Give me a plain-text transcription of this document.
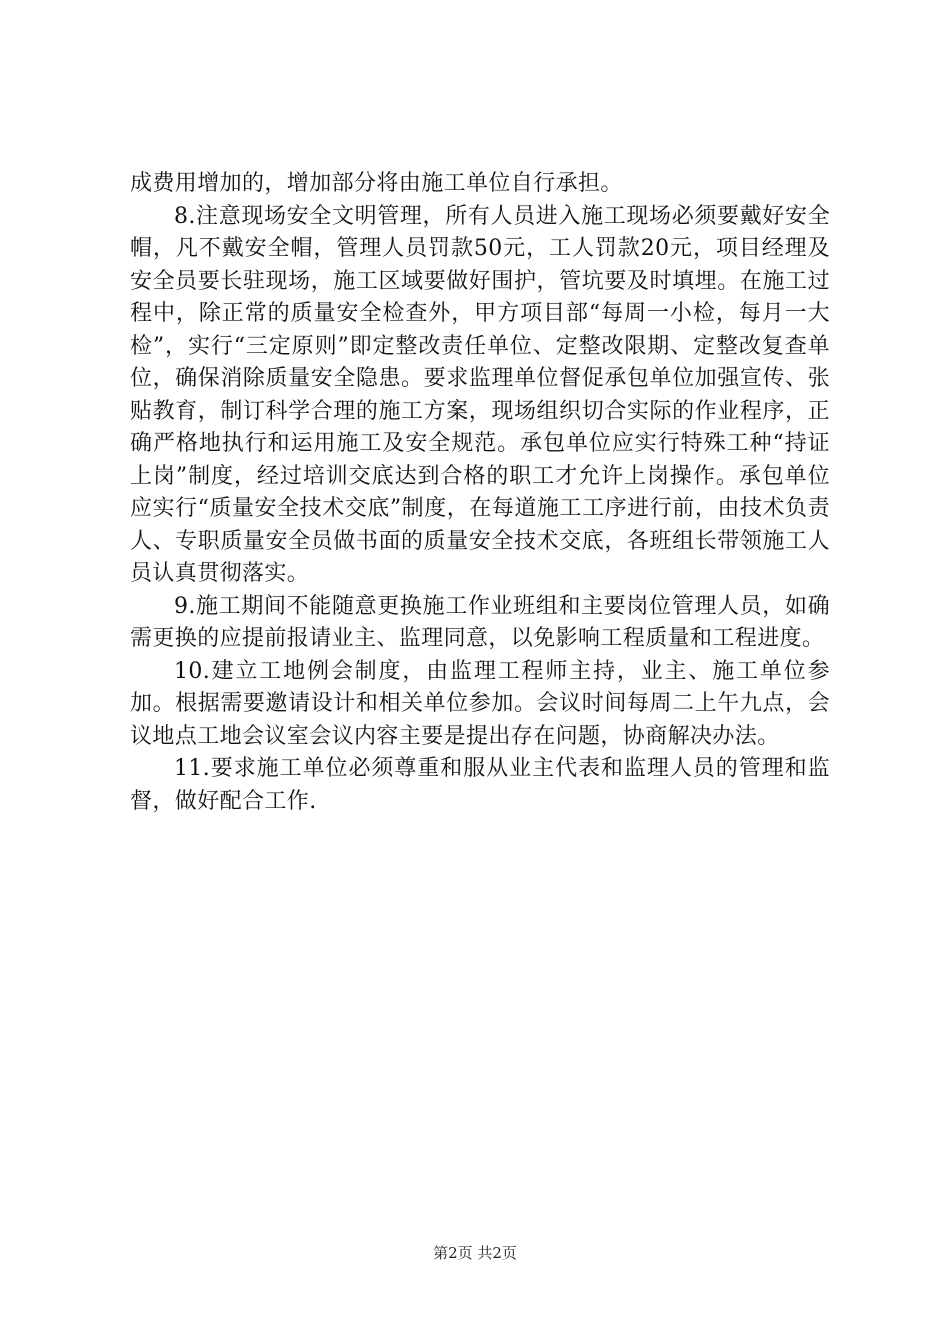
成费用增加的，增加部分将由施工单位自行承担。

8.注意现场安全文明管理，所有人员进入施工现场必须要戴好安全帽，凡不戴安全帽，管理人员罚款50元，工人罚款20元，项目经理及安全员要长驻现场，施工区域要做好围护，管坑要及时填埋。在施工过程中，除正常的质量安全检查外，甲方项目部“每周一小检，每月一大检”，实行“三定原则”即定整改责任单位、定整改限期、定整改复查单位，确保消除质量安全隐患。要求监理单位督促承包单位加强宣传、张贴教育，制订科学合理的施工方案，现场组织切合实际的作业程序，正确严格地执行和运用施工及安全规范。承包单位应实行特殊工种“持证上岗”制度，经过培训交底达到合格的职工才允许上岗操作。承包单位应实行“质量安全技术交底”制度，在每道施工工序进行前，由技术负责人、专职质量安全员做书面的质量安全技术交底，各班组长带领施工人员认真贯彻落实。

9.施工期间不能随意更换施工作业班组和主要岗位管理人员，如确需更换的应提前报请业主、监理同意，以免影响工程质量和工程进度。

10.建立工地例会制度，由监理工程师主持，业主、施工单位参加。根据需要邀请设计和相关单位参加。会议时间每周二上午九点，会议地点工地会议室会议内容主要是提出存在问题，协商解决办法。

11.要求施工单位必须尊重和服从业主代表和监理人员的管理和监督，做好配合工作.

第2页 共2页
